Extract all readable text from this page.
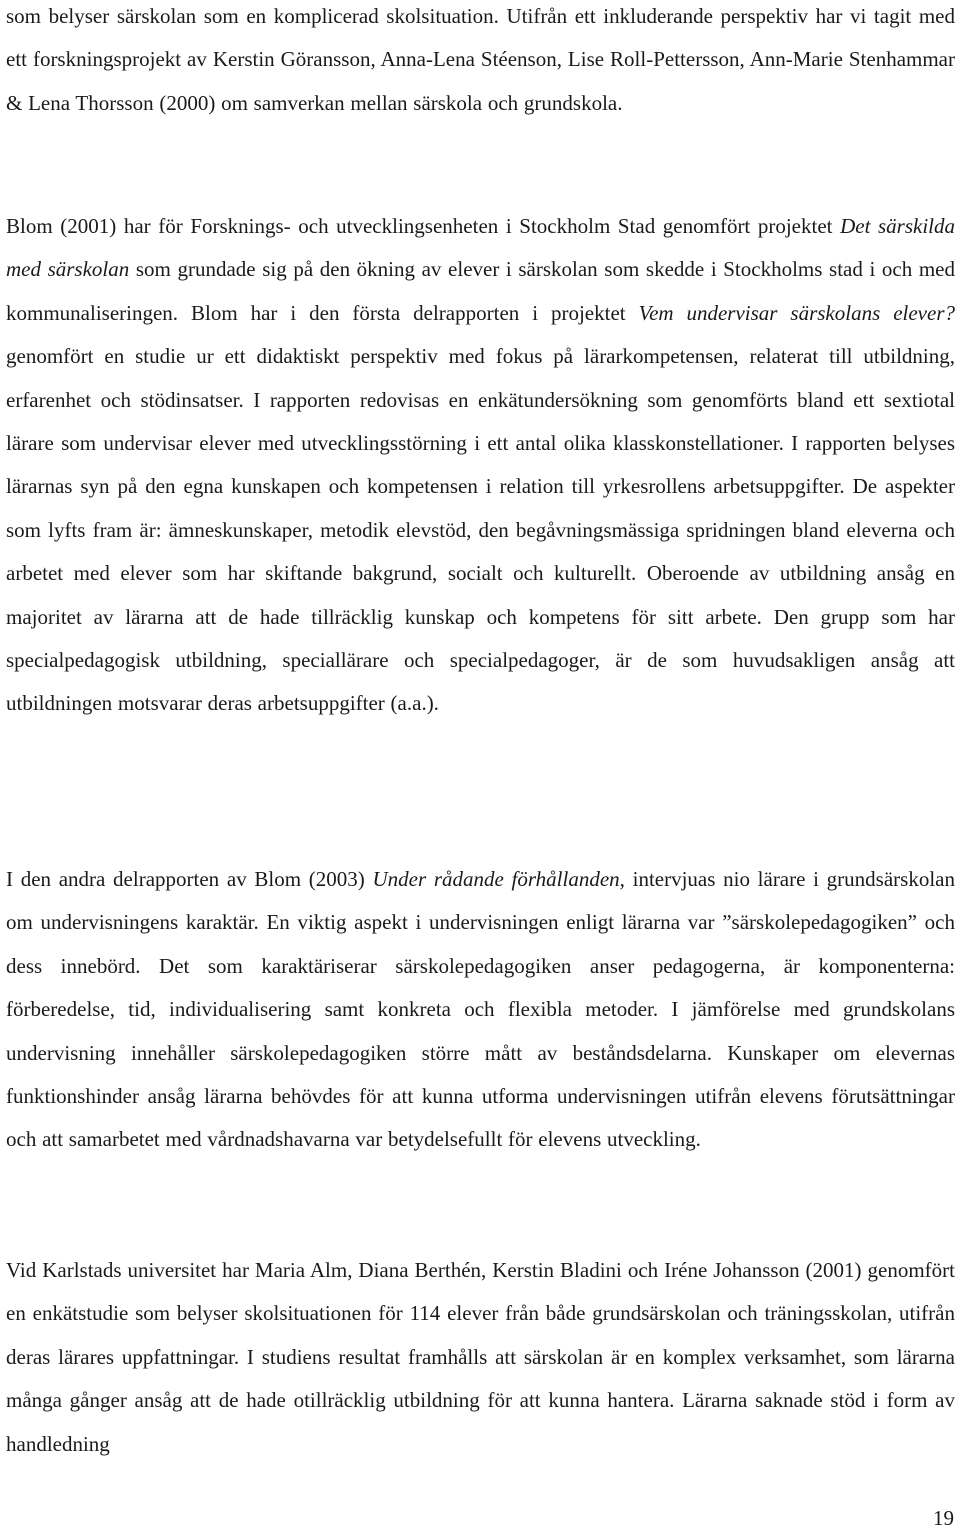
som belyser särskolan som en komplicerad skolsituation. Utifrån ett inkluderande perspektiv har vi tagit med ett forskningsprojekt av Kerstin Göransson, Anna-Lena Stéenson, Lise Roll-Pettersson, Ann-Marie Stenhammar & Lena Thorsson (2000) om samverkan mellan särskola och grundskola.

Blom (2001) har för Forsknings- och utvecklingsenheten i Stockholm Stad genomfört projektet Det särskilda med särskolan som grundade sig på den ökning av elever i särskolan som skedde i Stockholms stad i och med kommunaliseringen. Blom har i den första delrapporten i projektet Vem undervisar särskolans elever? genomfört en studie ur ett didaktiskt perspektiv med fokus på lärarkompetensen, relaterat till utbildning, erfarenhet och stödinsatser. I rapporten redovisas en enkätundersökning som genomförts bland ett sextiotal lärare som undervisar elever med utvecklingsstörning i ett antal olika klasskonstellationer. I rapporten belyses lärarnas syn på den egna kunskapen och kompetensen i relation till yrkesrollens arbetsuppgifter. De aspekter som lyfts fram är: ämneskunskaper, metodik elevstöd, den begåvningsmässiga spridningen bland eleverna och arbetet med elever som har skiftande bakgrund, socialt och kulturellt. Oberoende av utbildning ansåg en majoritet av lärarna att de hade tillräcklig kunskap och kompetens för sitt arbete. Den grupp som har specialpedagogisk utbildning, speciallärare och specialpedagoger, är de som huvudsakligen ansåg att utbildningen motsvarar deras arbetsuppgifter (a.a.).

I den andra delrapporten av Blom (2003) Under rådande förhållanden, intervjuas nio lärare i grundsärskolan om undervisningens karaktär. En viktig aspekt i undervisningen enligt lärarna var ”särskolepedagogiken” och dess innebörd. Det som karaktäriserar särskolepedagogiken anser pedagogerna, är komponenterna: förberedelse, tid, individualisering samt konkreta och flexibla metoder. I jämförelse med grundskolans undervisning innehåller särskolepedagogiken större mått av beståndsdelarna. Kunskaper om elevernas funktionshinder ansåg lärarna behövdes för att kunna utforma undervisningen utifrån elevens förutsättningar och att samarbetet med vårdnadshavarna var betydelsefullt för elevens utveckling.

Vid Karlstads universitet har Maria Alm, Diana Berthén, Kerstin Bladini och Iréne Johansson (2001) genomfört en enkätstudie som belyser skolsituationen för 114 elever från både grundsärskolan och träningsskolan, utifrån deras lärares uppfattningar. I studiens resultat framhålls att särskolan är en komplex verksamhet, som lärarna många gånger ansåg att de hade otillräcklig utbildning för att kunna hantera. Lärarna saknade stöd i form av handledning

19
